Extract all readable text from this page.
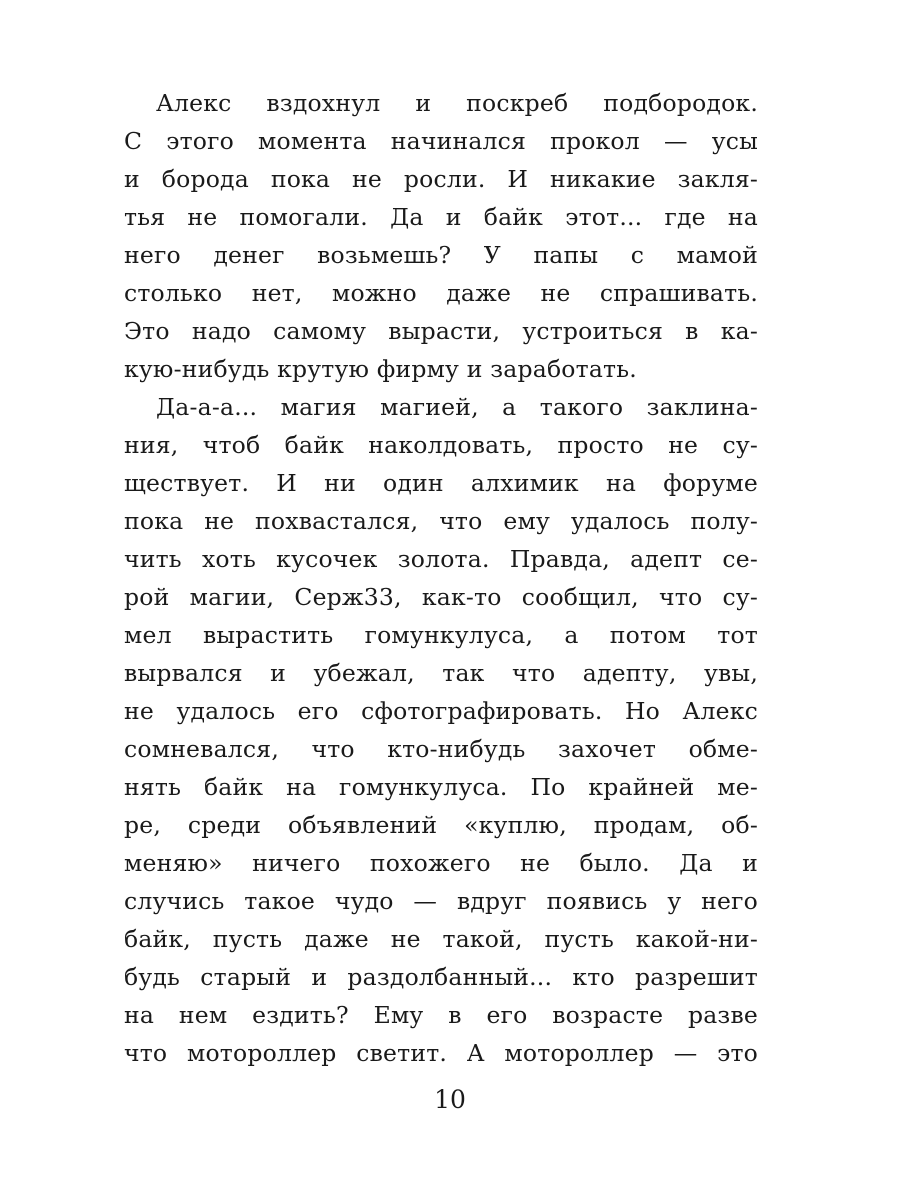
Алекс вздохнул и поскреб подбородок.
С этого момента начинался прокол — усы
и борода пока не росли. И никакие закля-
тья не помогали. Да и байк этот... где на
него денег возьмешь? У папы с мамой
столько нет, можно даже не спрашивать.
Это надо самому вырасти, устроиться в ка-
кую-нибудь крутую фирму и заработать.
Да-а-а... магия магией, а такого заклина-
ния, чтоб байк наколдовать, просто не су-
ществует. И ни один алхимик на форуме
пока не похвастался, что ему удалось полу-
чить хоть кусочек золота. Правда, адепт се-
рой магии, Серж33, как-то сообщил, что су-
мел вырастить гомункулуса, а потом тот
вырвался и убежал, так что адепту, увы,
не удалось его сфотографировать. Но Алекс
сомневался, что кто-нибудь захочет обме-
нять байк на гомункулуса. По крайней ме-
ре, среди объявлений «куплю, продам, об-
меняю» ничего похожего не было. Да и
случись такое чудо — вдруг появись у него
байк, пусть даже не такой, пусть какой-ни-
будь старый и раздолбанный... кто разрешит
на нем ездить? Ему в его возрасте разве
что мотороллер светит. А мотороллер — это
10
